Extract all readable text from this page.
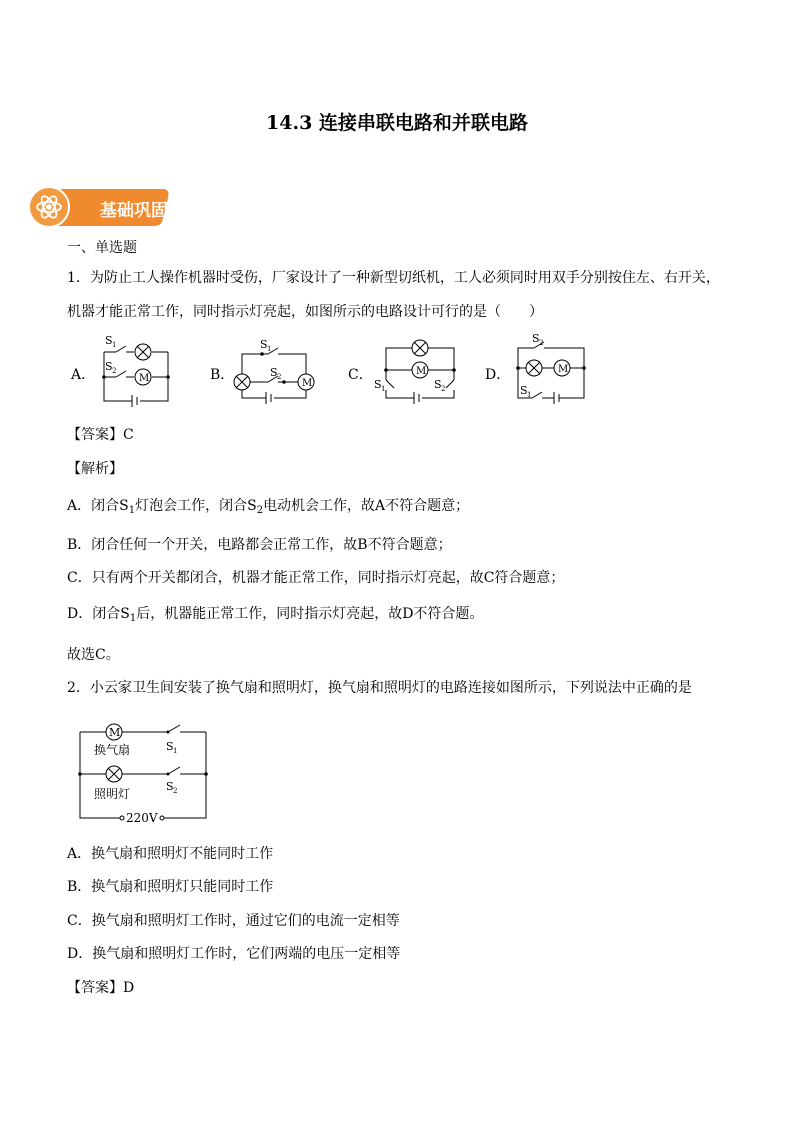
14.3 连接串联电路和并联电路
基础巩固
一、单选题
1．为防止工人操作机器时受伤，厂家设计了一种新型切纸机，工人必须同时用双手分别按住左、右开关，
机器才能正常工作，同时指示灯亮起，如图所示的电路设计可行的是（　　）
A．	M
S 1
S 2	B．
M
S 1
S 2	C．	M
S 1	S 2
D．	M
S 2
S 1
【答案】C
【解析】
A．闭合$S_1$灯泡会工作，闭合$S_2$电动机会工作，故A不符合题意；
B．闭合任何一个开关，电路都会正常工作，故B不符合题意；
C．只有两个开关都闭合，机器才能正常工作，同时指示灯亮起，故C符合题意；
D．闭合$S_1$后，机器能正常工作，同时指示灯亮起，故D不符合题。
故选C。
2．小云家卫生间安装了换气扇和照明灯，换气扇和照明灯的电路连接如图所示，下列说法中正确的是
M
换气扇
照明灯
S 1
S 2
220V
A．换气扇和照明灯不能同时工作
B．换气扇和照明灯只能同时工作
C．换气扇和照明灯工作时，通过它们的电流一定相等
D．换气扇和照明灯工作时，它们两端的电压一定相等
【答案】D
